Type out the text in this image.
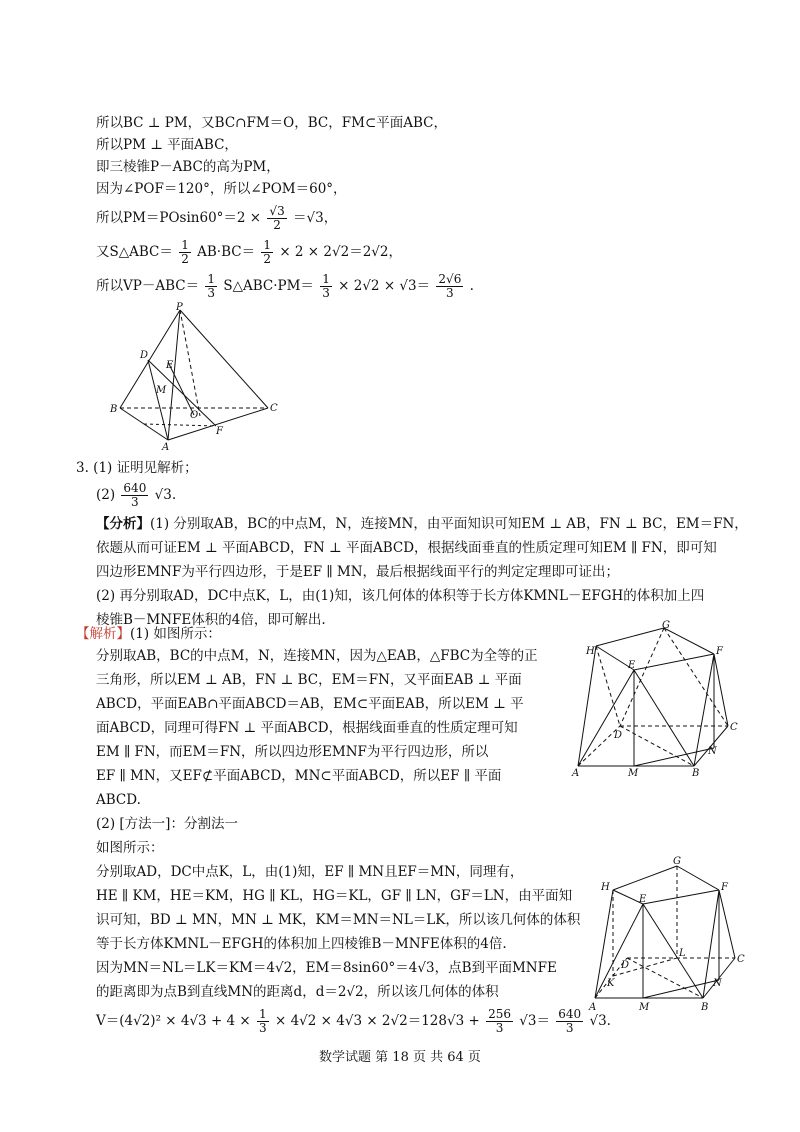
所以BC ⊥ PM，又BC∩FM＝O，BC，FM⊂平面ABC，
所以PM ⊥ 平面ABC，
即三棱锥P－ABC的高为PM，
因为∠POF＝120°，所以∠POM＝60°，
所以$PM=POsin60^\circ=2 \times \frac{√3}{2} =√3$，
又S△ABC＝ $\frac{1}{2} AB\cdot BC= \frac{1}{2} \times 2 \times 2√2=2√2$，
所以$VP-ABC= \frac{1}{3}$ S△ABC·PM＝ $\frac{1}{3} \times 2√2 \times √3= \frac{2√6}{3}$ .
P
D
E
M
B
O
C
F
A
3. (1) 证明见解析；
$(2) \frac{640}{3} √3$.
【分析】(1) 分别取AB，BC的中点M，N，连接MN，由平面知识可知EM ⊥ AB，FN ⊥ BC，EM＝FN，
依题从而可证EM ⊥ 平面ABCD，FN ⊥ 平面ABCD，根据线面垂直的性质定理可知EM ∥ FN，即可知
四边形EMNF为平行四边形，于是EF ∥ MN，最后根据线面平行的判定定理即可证出；
(2) 再分别取AD，DC中点K，L，由(1)知，该几何体的体积等于长方体KMNL－EFGH的体积加上四
棱锥B－MNFE体积的4倍，即可解出.
【解析】(1) 如图所示：
分别取AB，BC的中点M，N，连接MN，因为△EAB，△FBC为全等的正
三角形，所以EM ⊥ AB，FN ⊥ BC，EM＝FN，又平面EAB ⊥ 平面
ABCD，平面EAB∩平面ABCD＝AB，EM⊂平面EAB，所以EM ⊥ 平
面ABCD，同理可得FN ⊥ 平面ABCD，根据线面垂直的性质定理可知
EM ∥ FN，而EM＝FN，所以四边形EMNF为平行四边形，所以
EF ∥ MN，又EF⊄平面ABCD，MN⊂平面ABCD，所以EF ∥ 平面
ABCD.
(2) [方法一]：分割法一
如图所示：
分别取AD，DC中点K，L，由(1)知，EF ∥ MN且EF＝MN，同理有，
HE ∥ KM，HE＝KM，HG ∥ KL，HG＝KL，GF ∥ LN，GF＝LN，由平面知
识可知，BD ⊥ MN，MN ⊥ MK，KM＝MN＝NL＝LK，所以该几何体的体积
等于长方体KMNL－EFGH的体积加上四棱锥B－MNFE体积的4倍.
因为MN＝NL＝LK＝KM＝4√2，EM＝8sin60°＝4√3，点B到平面MNFE
的距离即为点B到直线MN的距离d，d＝2√2，所以该几何体的体积
$V=(4√2)^2 \times 4√3 + 4 \times \frac{1}{3} \times 4√2 \times 4√3 \times 2√2=128√3 + \frac{256}{3} √3= \frac{640}{3} √3$.
H
G
F
E
D
C
N
A	M	B
G
H	F
E
L
D
C
K	N
A	M	B
数学试题 第 18 页 共 64 页
